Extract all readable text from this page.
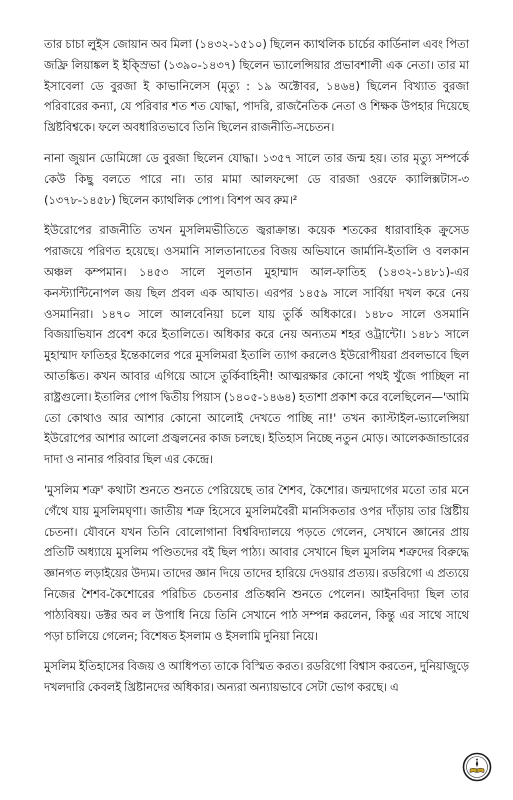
তার চাচা লুইস জোয়ান অব মিলা (১৪৩২-১৫১০) ছিলেন ক্যাথলিক চার্চের কার্ডিনাল এবং পিতা জফ্রি লিয়াঙ্কল ই ইক্স্রিভা (১৩৯০-১৪৩৭) ছিলেন ভ্যালেন্সিয়ার প্রভাবশালী এক নেতা। তার মা ইসাবেলা ডে বুরজা ই কাভানিলেস (মৃত্যু : ১৯ অক্টোবর, ১৪৬৪) ছিলেন বিখ্যাত বুরজা পরিবারের কন্যা, যে পরিবার শত শত যোদ্ধা, পাদরি, রাজনৈতিক নেতা ও শিক্ষক উপহার দিয়েছে খ্রিষ্টবিশ্বকে। ফলে অবধারিতভাবে তিনি ছিলেন রাজনীতি-সচেতন।

নানা জুয়ান ডোমিঙ্গো ডে বুরজা ছিলেন যোদ্ধা। ১৩৫৭ সালে তার জন্ম হয়। তার মৃত্যু সম্পর্কে কেউ কিছু বলতে পারে না। তার মামা আলফন্সো ডে বারজা ওরফে ক্যালিক্সটাস-৩ (১৩৭৮-১৪৫৮) ছিলেন ক্যাথলিক পোপ। বিশপ অব রুম।²

ইউরোপের রাজনীতি তখন মুসলিমভীতিতে জ্বরাক্রান্ত। কয়েক শতকের ধারাবাহিক ক্রুসেড পরাজয়ে পরিণত হয়েছে। ওসমানি সালতানাতের বিজয় অভিযানে জার্মানি-ইতালি ও বলকান অঞ্চল কম্পমান। ১৪৫৩ সালে সুলতান মুহাম্মাদ আল-ফাতিহ (১৪৩২-১৪৮১)-এর কনস্ট্যান্টিনোপল জয় ছিল প্রবল এক আঘাত। এরপর ১৪৫৯ সালে সার্বিয়া দখল করে নেয় ওসমানিরা। ১৪৭০ সালে আলবেনিয়া চলে যায় তুর্কি অধিকারে। ১৪৮০ সালে ওসমানি বিজয়াভিযান প্রবেশ করে ইতালিতে। অধিকার করে নেয় অন্যতম শহর ওট্রান্টো। ১৪৮১ সালে মুহাম্মাদ ফাতিহর ইন্তেকালের পরে মুসলিমরা ইতালি ত্যাগ করলেও ইউরোপীয়রা প্রবলভাবে ছিল আতঙ্কিত। কখন আবার এগিয়ে আসে তুর্কিবাহিনী! আত্মরক্ষার কোনো পথই খুঁজে পাচ্ছিল না রাষ্ট্রগুলো। ইতালির পোপ দ্বিতীয় পিয়াস (১৪০৫-১৪৬৪) হতাশা প্রকাশ করে বলেছিলেন—'আমি তো কোথাও আর আশার কোনো আলোই দেখতে পাচ্ছি না!' তখন ক্যাস্টাইল-ভ্যালেন্সিয়া ইউরোপের আশার আলো প্রজ্বলনের কাজ চলছে। ইতিহাস নিচ্ছে নতুন মোড়। আলেকজান্ডারের দাদা ও নানার পরিবার ছিল এর কেন্দ্রে।

'মুসলিম শত্রু' কথাটা শুনতে শুনতে পেরিয়েছে তার শৈশব, কৈশোর। জন্মদাগের মতো তার মনে গেঁথে যায় মুসলিমঘৃণা। জাতীয় শত্রু হিসেবে মুসলিমবৈরী মানসিকতার ওপর দাঁড়ায় তার খ্রিষ্টীয় চেতনা। যৌবনে যখন তিনি বোলোগানা বিশ্ববিদ্যালয়ে পড়তে গেলেন, সেখানে জ্ঞানের প্রায় প্রতিটি অধ্যায়ে মুসলিম পণ্ডিতদের বই ছিল পাঠ্য। আবার সেখানে ছিল মুসলিম শত্রুদের বিরুদ্ধে জ্ঞানগত লড়াইয়ের উদ্যম। তাদের জ্ঞান দিয়ে তাদের হারিয়ে দেওয়ার প্রত্যয়। রডরিগো এ প্রত্যয়ে নিজের শৈশব-কৈশোরের পরিচিত চেতনার প্রতিধ্বনি শুনতে পেলেন। আইনবিদ্যা ছিল তার পাঠ্যবিষয়। ডক্টর অব ল উপাধি নিয়ে তিনি সেখানে পাঠ সম্পন্ন করলেন, কিন্তু এর সাথে সাথে পড়া চালিয়ে গেলেন; বিশেষত ইসলাম ও ইসলামি দুনিয়া নিয়ে।

মুসলিম ইতিহাসের বিজয় ও আধিপত্য তাকে বিস্মিত করত। রডরিগো বিশ্বাস করতেন, দুনিয়াজুড়ে দখলদারি কেবলই খ্রিষ্টানদের অধিকার। অন্যরা অন্যায়ভাবে সেটা ভোগ করছে। এ
